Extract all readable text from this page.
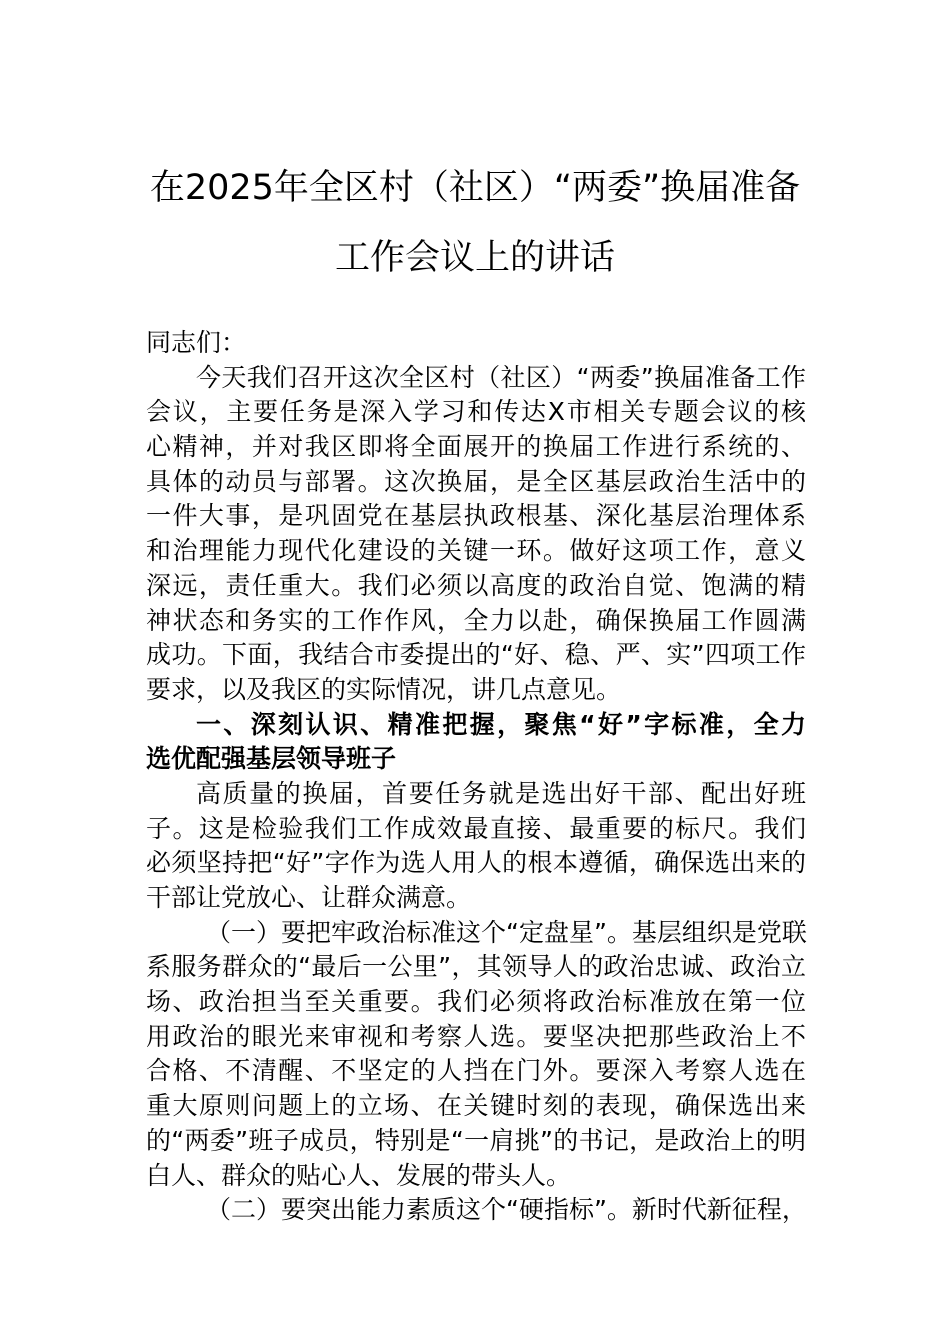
在2025年全区村（社区）“两委”换届准备
工作会议上的讲话
同志们：

今天我们召开这次全区村（社区）“两委”换届准备工作
会议，主要任务是深入学习和传达X市相关专题会议的核
心精神，并对我区即将全面展开的换届工作进行系统的、
具体的动员与部署。这次换届，是全区基层政治生活中的
一件大事，是巩固党在基层执政根基、深化基层治理体系
和治理能力现代化建设的关键一环。做好这项工作，意义
深远，责任重大。我们必须以高度的政治自觉、饱满的精
神状态和务实的工作作风，全力以赴，确保换届工作圆满
成功。下面，我结合市委提出的“好、稳、严、实”四项工作
要求，以及我区的实际情况，讲几点意见。

一、深刻认识、精准把握，聚焦“好”字标准，全力
选优配强基层领导班子

高质量的换届，首要任务就是选出好干部、配出好班
子。这是检验我们工作成效最直接、最重要的标尺。我们
必须坚持把“好”字作为选人用人的根本遵循，确保选出来的
干部让党放心、让群众满意。

（一）要把牢政治标准这个“定盘星”。基层组织是党联
系服务群众的“最后一公里”，其领导人的政治忠诚、政治立
场、政治担当至关重要。我们必须将政治标准放在第一位
用政治的眼光来审视和考察人选。要坚决把那些政治上不
合格、不清醒、不坚定的人挡在门外。要深入考察人选在
重大原则问题上的立场、在关键时刻的表现，确保选出来
的“两委”班子成员，特别是“一肩挑”的书记，是政治上的明
白人、群众的贴心人、发展的带头人。

（二）要突出能力素质这个“硬指标”。新时代新征程，
